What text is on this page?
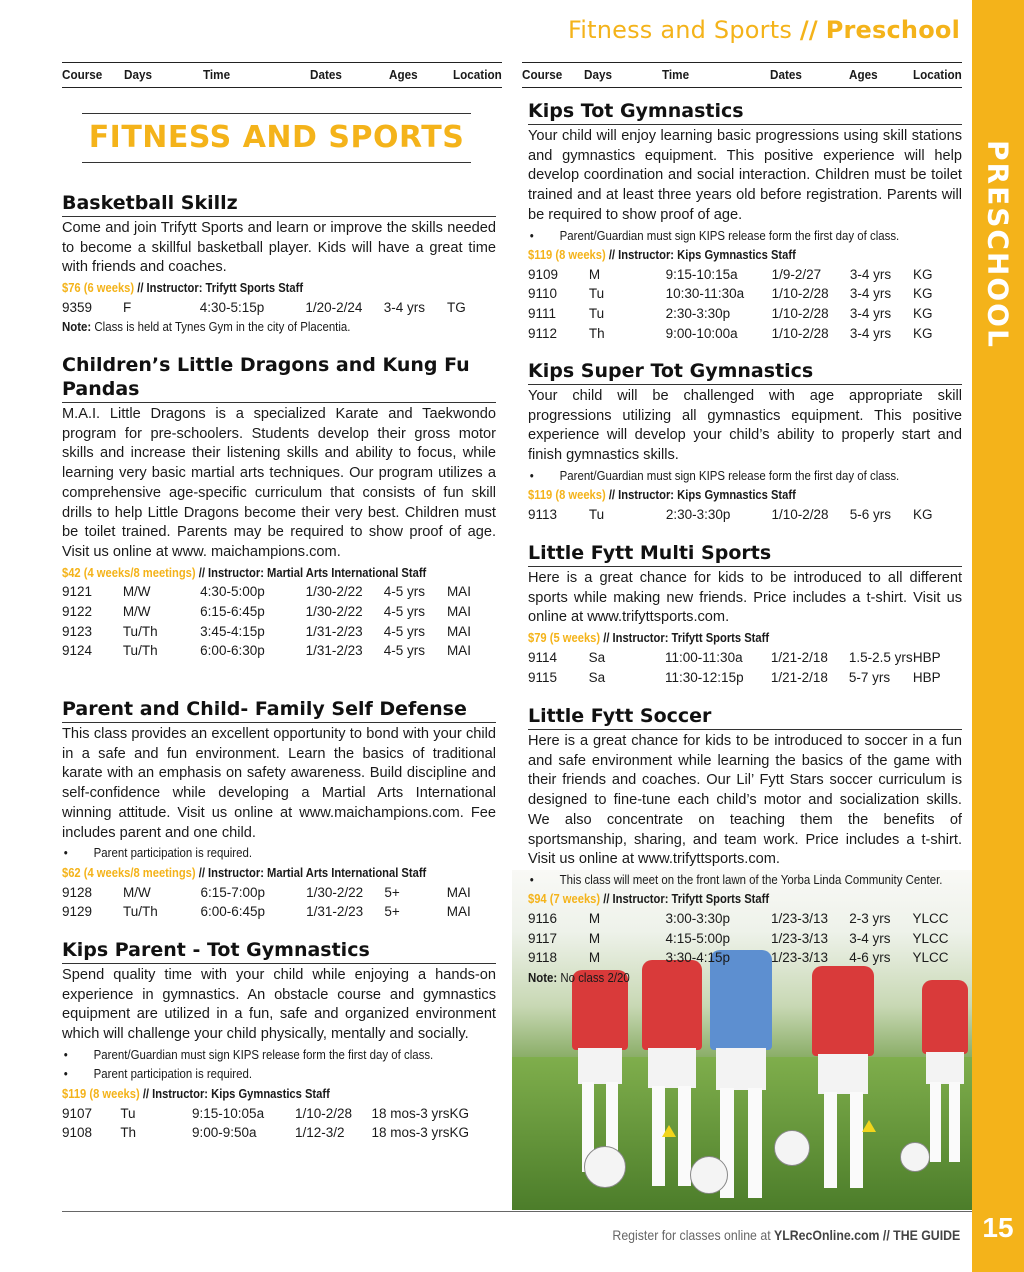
Fitness and Sports // Preschool
PRESCHOOL
Course Days	Time	Dates	Ages	Location Course Days	Time	Dates	Ages	Location
FITNESS AND SPORTS
Basketball Skillz

Come and join Trifytt Sports and learn or improve the skills needed to become a skillful basketball player. Kids will have a great time with friends and coaches.

$76 (6 weeks) // Instructor: Trifytt Sports Staff
9359	F	4:30-5:15p	1/20-2/24	3-4 yrs	TG
Note: Class is held at Tynes Gym in the city of Placentia.
Children’s Little Dragons and Kung Fu Pandas

M.A.I. Little Dragons is a specialized Karate and Taekwondo program for pre-schoolers. Students develop their gross motor skills and increase their listening skills and ability to focus, while learning very basic martial arts techniques. Our program utilizes a comprehensive age-specific curriculum that consists of fun skill drills to help Little Dragons become their very best. Children must be toilet trained. Parents may be required to show proof of age. Visit us online at www. maichampions.com.

$42 (4 weeks/8 meetings) // Instructor: Martial Arts International Staff
9121	M/W	4:30-5:00p	1/30-2/22	4-5 yrs	MAI
9122	M/W	6:15-6:45p	1/30-2/22	4-5 yrs	MAI
9123	Tu/Th	3:45-4:15p	1/31-2/23	4-5 yrs	MAI
9124	Tu/Th	6:00-6:30p	1/31-2/23	4-5 yrs	MAI
Parent and Child- Family Self Defense

This class provides an excellent opportunity to bond with your child in a safe and fun environment. Learn the basics of traditional karate with an emphasis on safety awareness. Build discipline and self-confidence while developing a Martial Arts International winning attitude. Visit us online at www.maichampions.com. Fee includes parent and one child.

• Parent participation is required.
$62 (4 weeks/8 meetings) // Instructor: Martial Arts International Staff
9128	M/W	6:15-7:00p	1/30-2/22	5+	MAI
9129	Tu/Th	6:00-6:45p	1/31-2/23	5+	MAI
Kips Parent - Tot Gymnastics

Spend quality time with your child while enjoying a hands-on experience in gymnastics. An obstacle course and gymnastics equipment are utilized in a fun, safe and organized environment which will challenge your child physically, mentally and socially.

• Parent/Guardian must sign KIPS release form the first day of class.
• Parent participation is required.
$119 (8 weeks) // Instructor: Kips Gymnastics Staff
9107	Tu	9:15-10:05a	1/10-2/28	18 mos-3 yrs	KG
9108	Th	9:00-9:50a	1/12-3/2	18 mos-3 yrs	KG
Kips Tot Gymnastics

Your child will enjoy learning basic progressions using skill stations and gymnastics equipment. This positive experience will help develop coordination and social interaction. Children must be toilet trained and at least three years old before registration. Parents will be required to show proof of age.

• Parent/Guardian must sign KIPS release form the first day of class.
$119 (8 weeks) // Instructor: Kips Gymnastics Staff
9109	M	9:15-10:15a	1/9-2/27	3-4 yrs	KG
9110	Tu	10:30-11:30a	1/10-2/28	3-4 yrs	KG
9111	Tu	2:30-3:30p	1/10-2/28	3-4 yrs	KG
9112	Th	9:00-10:00a	1/10-2/28	3-4 yrs	KG
Kips Super Tot Gymnastics

Your child will be challenged with age appropriate skill progressions utilizing all gymnastics equipment. This positive experience will develop your child’s ability to properly start and finish gymnastics skills.

• Parent/Guardian must sign KIPS release form the first day of class.
$119 (8 weeks) // Instructor: Kips Gymnastics Staff
9113	Tu	2:30-3:30p	1/10-2/28	5-6 yrs	KG
Little Fytt Multi Sports

Here is a great chance for kids to be introduced to all different sports while making new friends. Price includes a t-shirt. Visit us online at www.trifyttsports.com.

$79 (5 weeks) // Instructor: Trifytt Sports Staff
9114	Sa	11:00-11:30a	1/21-2/18	1.5-2.5 yrs	HBP
9115	Sa	11:30-12:15p	1/21-2/18	5-7 yrs	HBP
Little Fytt Soccer

Here is a great chance for kids to be introduced to soccer in a fun and safe environment while learning the basics of the game with their friends and coaches. Our Lil’ Fytt Stars soccer curriculum is designed to fine-tune each child’s motor and socialization skills. We also concentrate on teaching them the benefits of sportsmanship, sharing, and team work. Price includes a t-shirt. Visit us online at www.trifyttsports.com.

• This class will meet on the front lawn of the Yorba Linda Community Center.
$94 (7 weeks) // Instructor: Trifytt Sports Staff
9116	M	3:00-3:30p	1/23-3/13	2-3 yrs	YLCC
9117	M	4:15-5:00p	1/23-3/13	3-4 yrs	YLCC
9118	M	3:30-4:15p	1/23-3/13	4-6 yrs	YLCC
Note: No class 2/20
Register for classes online at YLRecOnline.com // THE GUIDE 15
